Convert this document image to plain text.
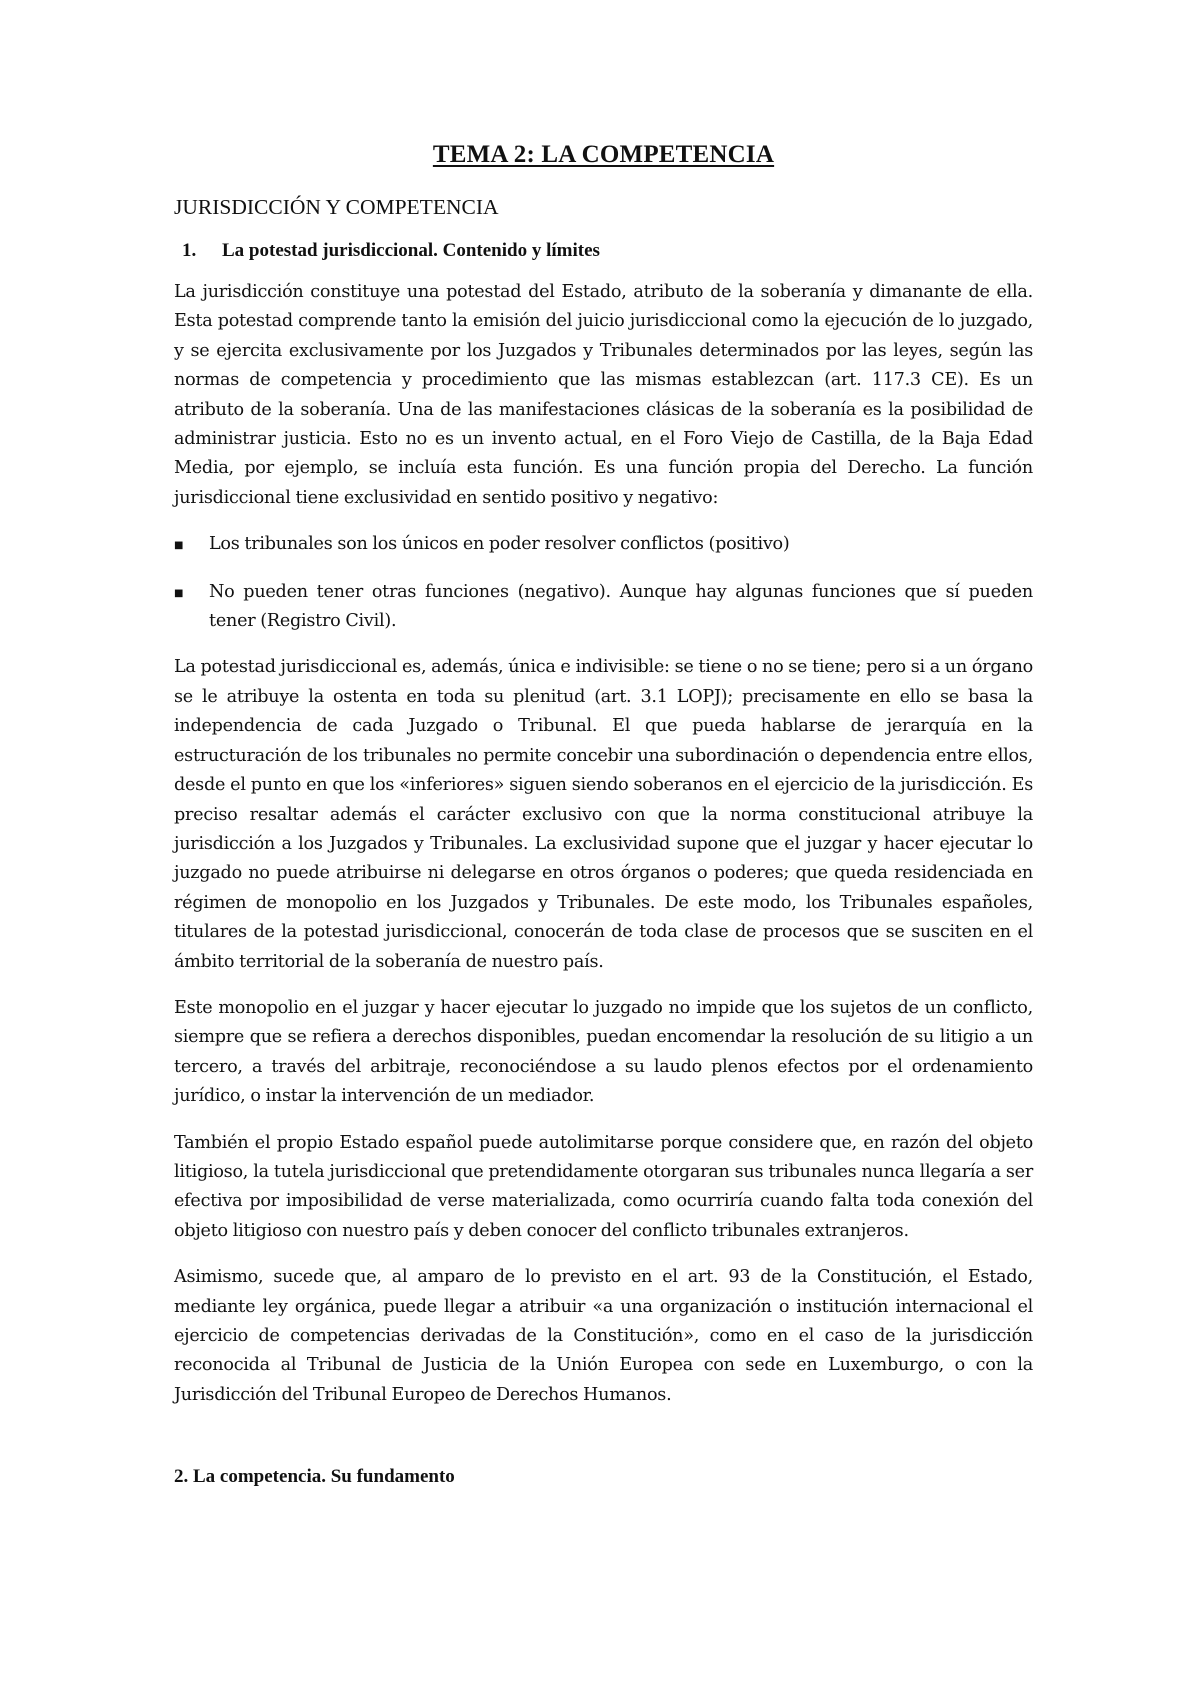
TEMA 2: LA COMPETENCIA
JURISDICCIÓN Y COMPETENCIA
1.	La potestad jurisdiccional. Contenido y límites

La jurisdicción constituye una potestad del Estado, atributo de la soberanía y dimanante de ella. Esta potestad comprende tanto la emisión del juicio jurisdiccional como la ejecución de lo juzgado, y se ejercita exclusivamente por los Juzgados y Tribunales determinados por las leyes, según las normas de competencia y procedimiento que las mismas establezcan (art. 117.3 CE). Es un atributo de la soberanía. Una de las manifestaciones clásicas de la soberanía es la posibilidad de administrar justicia. Esto no es un invento actual, en el Foro Viejo de Castilla, de la Baja Edad Media, por ejemplo, se incluía esta función. Es una función propia del Derecho. La función jurisdiccional tiene exclusividad en sentido positivo y negativo:

■	Los tribunales son los únicos en poder resolver conflictos (positivo)
■	No pueden tener otras funciones (negativo). Aunque hay algunas funciones que sí pueden tener (Registro Civil).

La potestad jurisdiccional es, además, única e indivisible: se tiene o no se tiene; pero si a un órgano se le atribuye la ostenta en toda su plenitud (art. 3.1 LOPJ); precisamente en ello se basa la independencia de cada Juzgado o Tribunal. El que pueda hablarse de jerarquía en la estructuración de los tribunales no permite concebir una subordinación o dependencia entre ellos, desde el punto en que los «inferiores» siguen siendo soberanos en el ejercicio de la jurisdicción. Es preciso resaltar además el carácter exclusivo con que la norma constitucional atribuye la jurisdicción a los Juzgados y Tribunales. La exclusividad supone que el juzgar y hacer ejecutar lo juzgado no puede atribuirse ni delegarse en otros órganos o poderes; que queda residenciada en régimen de monopolio en los Juzgados y Tribunales. De este modo, los Tribunales españoles, titulares de la potestad jurisdiccional, conocerán de toda clase de procesos que se susciten en el ámbito territorial de la soberanía de nuestro país.

Este monopolio en el juzgar y hacer ejecutar lo juzgado no impide que los sujetos de un conflicto, siempre que se refiera a derechos disponibles, puedan encomendar la resolución de su litigio a un tercero, a través del arbitraje, reconociéndose a su laudo plenos efectos por el ordenamiento jurídico, o instar la intervención de un mediador.

También el propio Estado español puede autolimitarse porque considere que, en razón del objeto litigioso, la tutela jurisdiccional que pretendidamente otorgaran sus tribunales nunca llegaría a ser efectiva por imposibilidad de verse materializada, como ocurriría cuando falta toda conexión del objeto litigioso con nuestro país y deben conocer del conflicto tribunales extranjeros.

Asimismo, sucede que, al amparo de lo previsto en el art. 93 de la Constitución, el Estado, mediante ley orgánica, puede llegar a atribuir «a una organización o institución internacional el ejercicio de competencias derivadas de la Constitución», como en el caso de la jurisdicción reconocida al Tribunal de Justicia de la Unión Europea con sede en Luxemburgo, o con la Jurisdicción del Tribunal Europeo de Derechos Humanos.

2. La competencia. Su fundamento
